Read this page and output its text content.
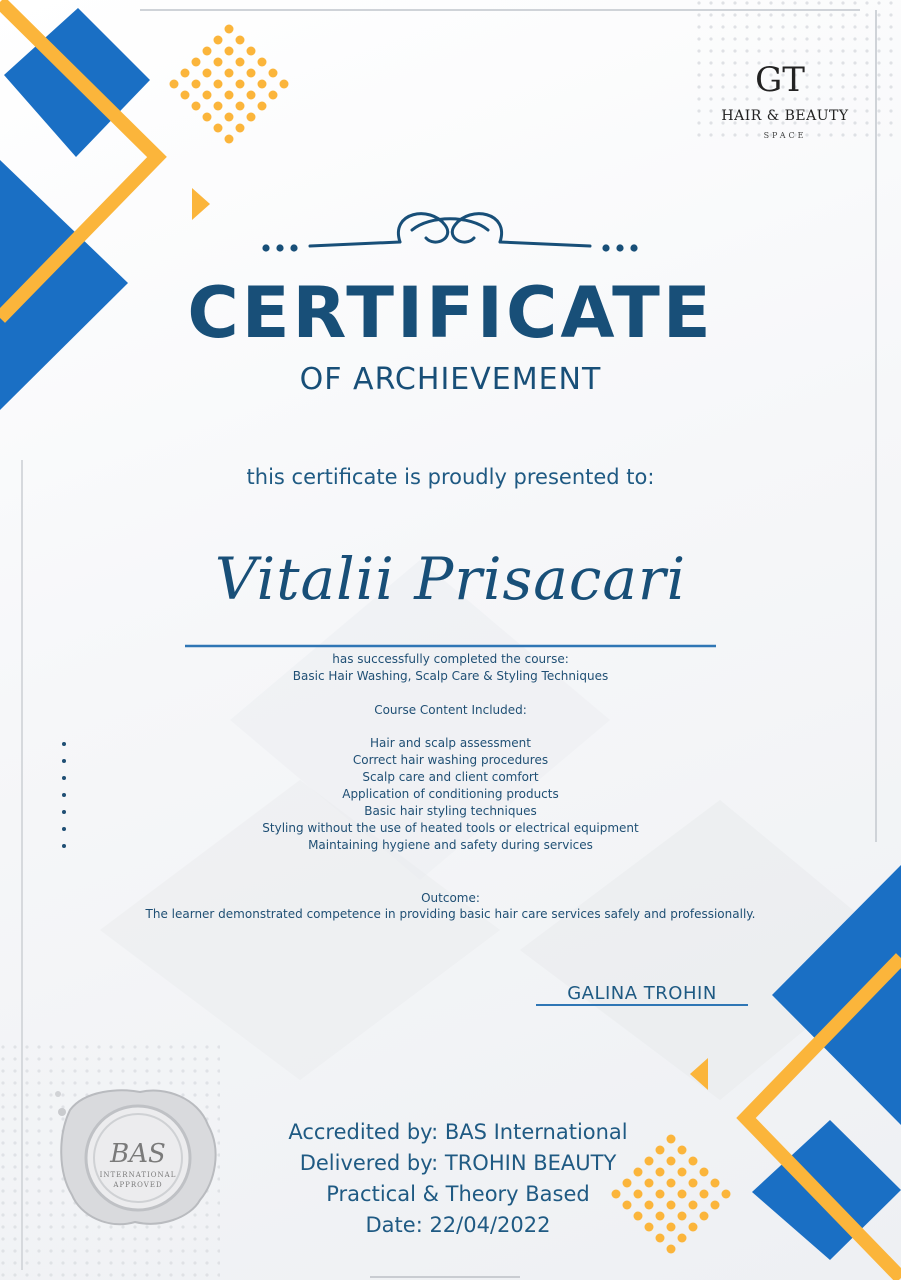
BAS
INTERNATIONAL
APPROVED
GT
HAIR & BEAUTY
SPACE
CERTIFICATE
OF ARCHIEVEMENT
this certificate is proudly presented to:
Vitalii Prisacari
has successfully completed the course:
Basic Hair Washing, Scalp Care & Styling Techniques
Course Content Included:
Hair and scalp assessment
Correct hair washing procedures
Scalp care and client comfort
Application of conditioning products
Basic hair styling techniques
Styling without the use of heated tools or electrical equipment
Maintaining hygiene and safety during services
Outcome:
The learner demonstrated competence in providing basic hair care services safely and professionally.
GALINA TROHIN
Accredited by: BAS International
Delivered by: TROHIN BEAUTY
Practical & Theory Based
Date: 22/04/2022
